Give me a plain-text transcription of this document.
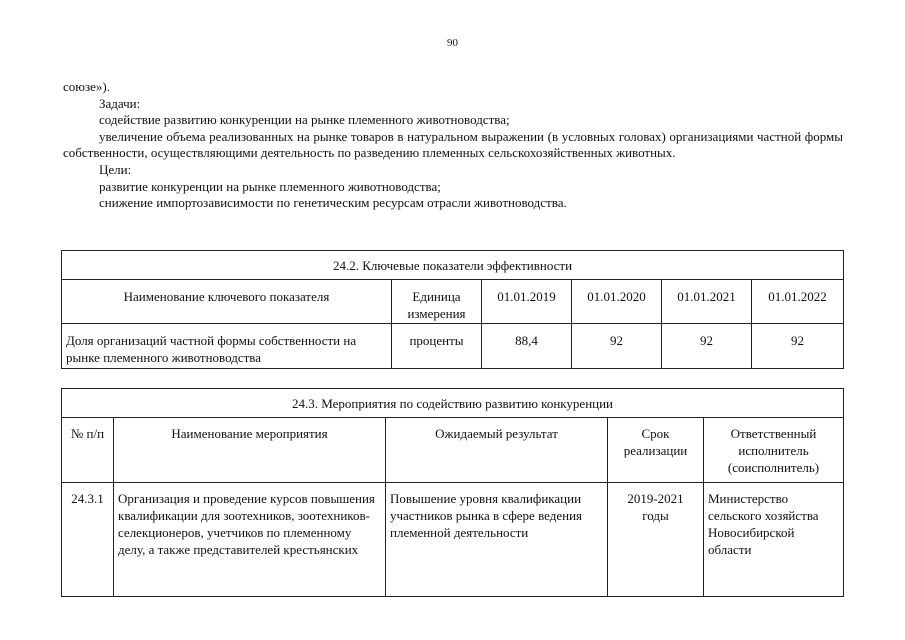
90

союзе»).

Задачи:

содействие развитию конкуренции на рынке племенного животноводства;

увеличение объема реализованных на рынке товаров в натуральном выражении (в условных головах) организациями частной формы собственности, осуществляющими деятельность по разведению племенных сельскохозяйственных животных.

Цели:

развитие конкуренции на рынке племенного животноводства;

снижение импортозависимости по генетическим ресурсам отрасли животноводства.

24.2. Ключевые показатели эффективности					
Наименование ключевого показателя	Единица измерения	01.01.2019	01.01.2020	01.01.2021	01.01.2022
Доля организаций частной формы собственности на рынке племенного животноводства	проценты	88,4	92	92	92
24.3. Мероприятия по содействию развитию конкуренции				
№ п/п	Наименование мероприятия	Ожидаемый результат	Срок реализации	Ответственный исполнитель (соисполнитель)
24.3.1	Организация и проведение курсов повышения квалификации для зоотехников, зоотехников-селекционеров, учетчиков по племенному делу, а также представителей крестьянских	Повышение уровня квалификации участников рынка в сфере ведения племенной деятельности	2019-2021 годы	Министерство сельского хозяйства Новосибирской области
